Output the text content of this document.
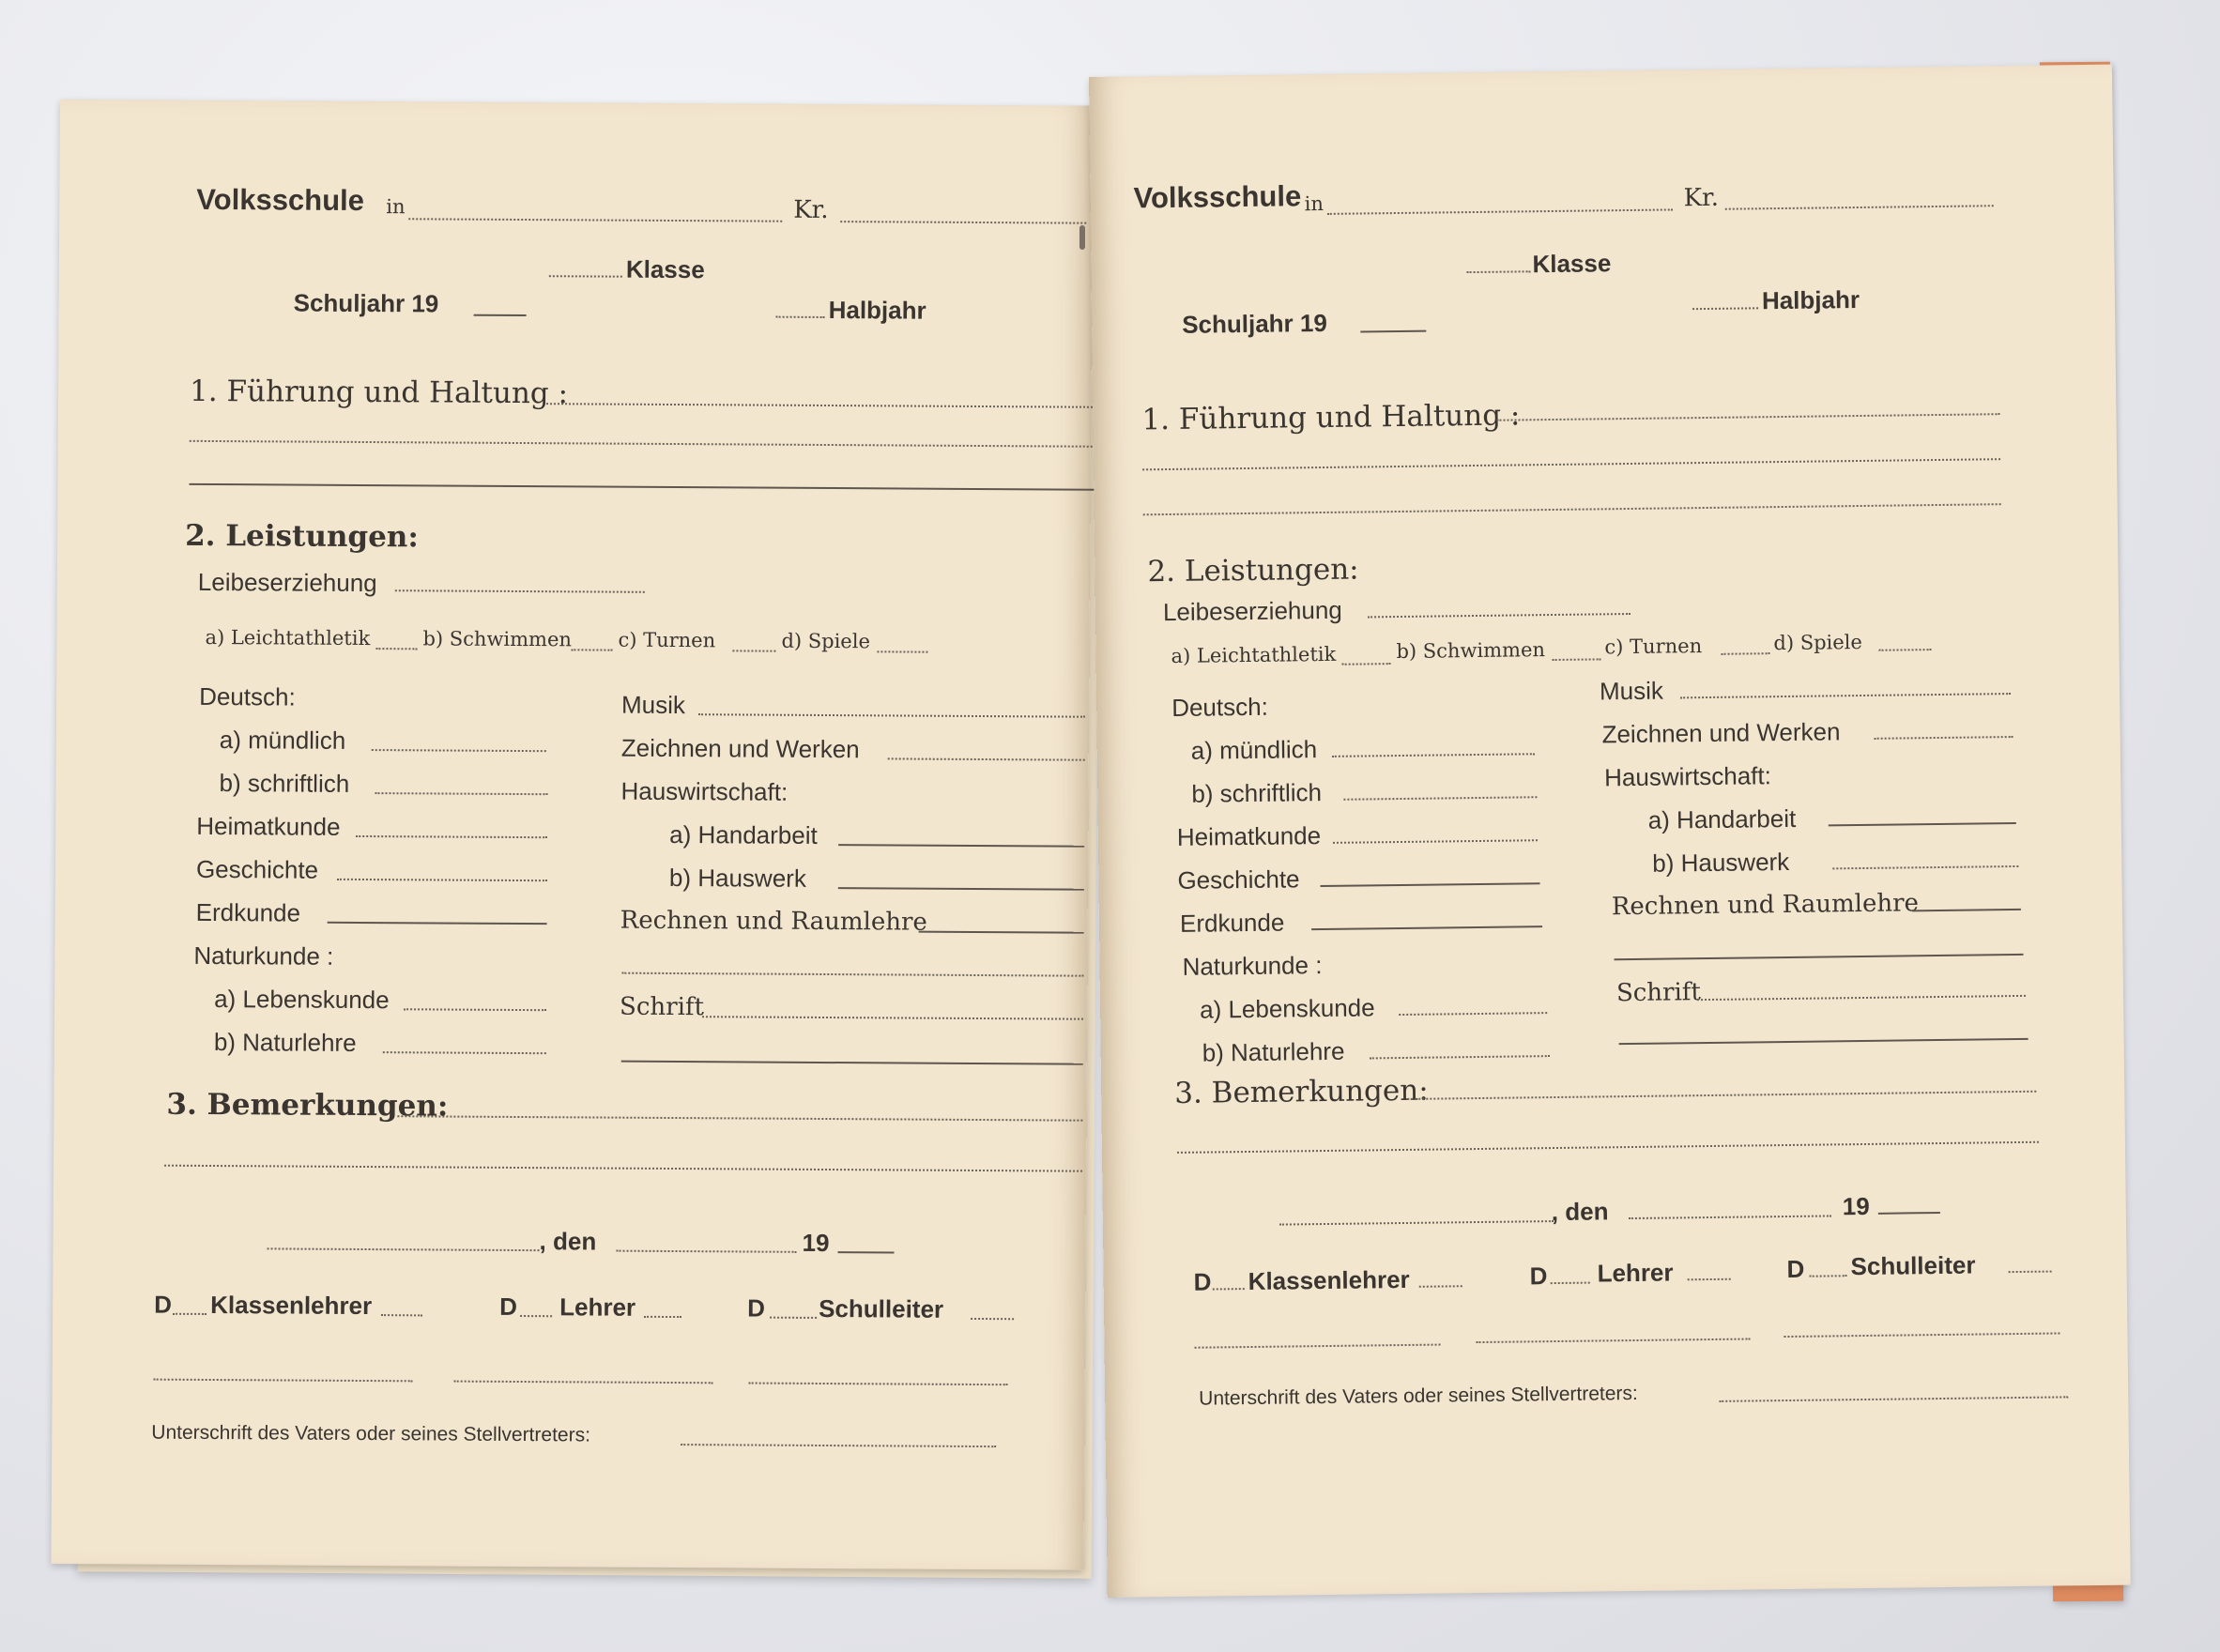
Volksschule in	Kr.
Klasse
Schuljahr 19	Halbjahr
1. Führung und Haltung :
2. Leistungen:
Leibeserziehung
a) Leichtathletik	b) Schwimmen c) Turnen	d) Spiele
Deutsch:
a) mündlich
b) schriftlich
Heimatkunde
Geschichte
Erdkunde
Naturkunde :
a) Lebenskunde
b) Naturlehre
Musik
Zeichnen und Werken
Hauswirtschaft:
a) Handarbeit
b) Hauswerk
Rechnen und Raumlehre
Schrift
3. Bemerkungen:
, den	19
D Klassenlehrer	D Lehrer	D Schulleiter
Unterschrift des Vaters oder seines Stellvertreters:
Volksschule in	Kr.
Klasse
Schuljahr 19
Halbjahr
1. Führung und Haltung :
2. Leistungen:
Leibeserziehung
a) Leichtathletik	b) Schwimmen	c) Turnen	d) Spiele
Deutsch:
a) mündlich
b) schriftlich
Heimatkunde
Geschichte
Erdkunde
Naturkunde :
a) Lebenskunde
b) Naturlehre
Musik
Zeichnen und Werken
Hauswirtschaft:
a) Handarbeit
b) Hauswerk
Rechnen und Raumlehre
Schrift
3. Bemerkungen:
, den	19
D Klassenlehrer	D Lehrer	D Schulleiter
Unterschrift des Vaters oder seines Stellvertreters:
